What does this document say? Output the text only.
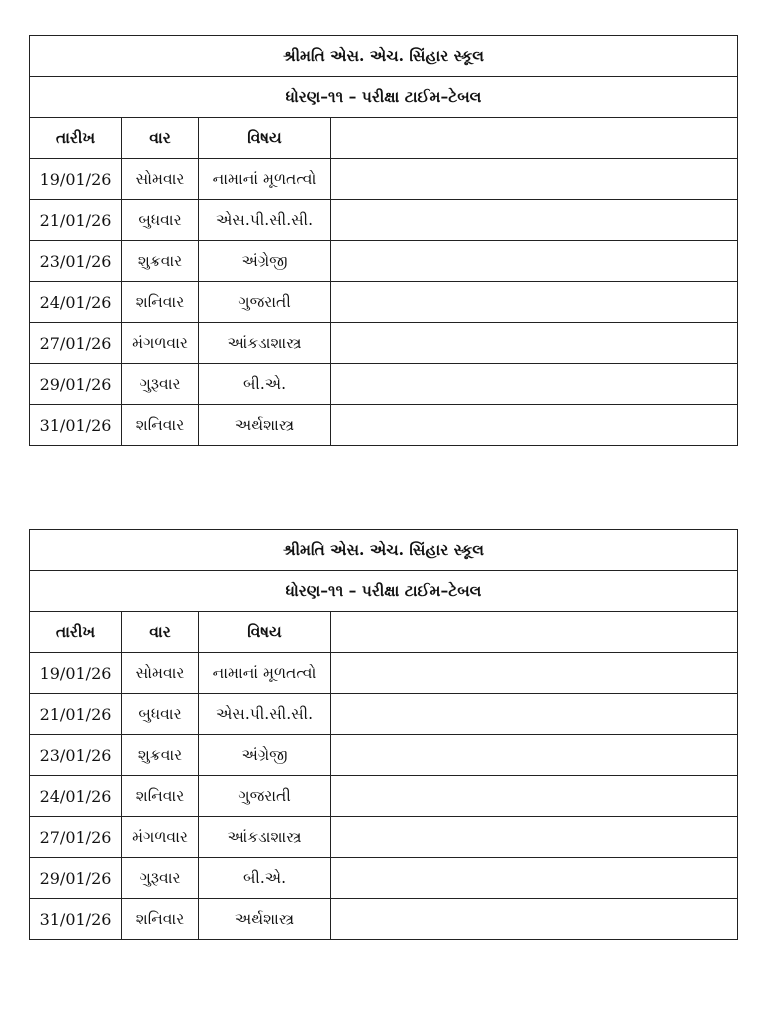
શ્રીમતિ એસ. એચ. સિંહાર સ્કૂલ			
ધોરણ–૧૧ – પરીક્ષા ટાઈમ–ટેબલ			
તારીખ	વાર	વિષય	
19/01/26	સોમવાર	નામાનાં મૂળતત્વો	
21/01/26	બુધવાર	એસ.પી.સી.સી.	
23/01/26	શુક્રવાર	અંગ્રેજી	
24/01/26	શનિવાર	ગુજરાતી	
27/01/26	મંગળવાર	આંકડાશાસ્ત્ર	
29/01/26	ગુરૂવાર	બી.એ.	
31/01/26	શનિવાર	અર્થશાસ્ત્ર	
શ્રીમતિ એસ. એચ. સિંહાર સ્કૂલ			
ધોરણ–૧૧ – પરીક્ષા ટાઈમ–ટેબલ			
તારીખ	વાર	વિષય	
19/01/26	સોમવાર	નામાનાં મૂળતત્વો	
21/01/26	બુધવાર	એસ.પી.સી.સી.	
23/01/26	શુક્રવાર	અંગ્રેજી	
24/01/26	શનિવાર	ગુજરાતી	
27/01/26	મંગળવાર	આંકડાશાસ્ત્ર	
29/01/26	ગુરૂવાર	બી.એ.	
31/01/26	શનિવાર	અર્થશાસ્ત્ર	
